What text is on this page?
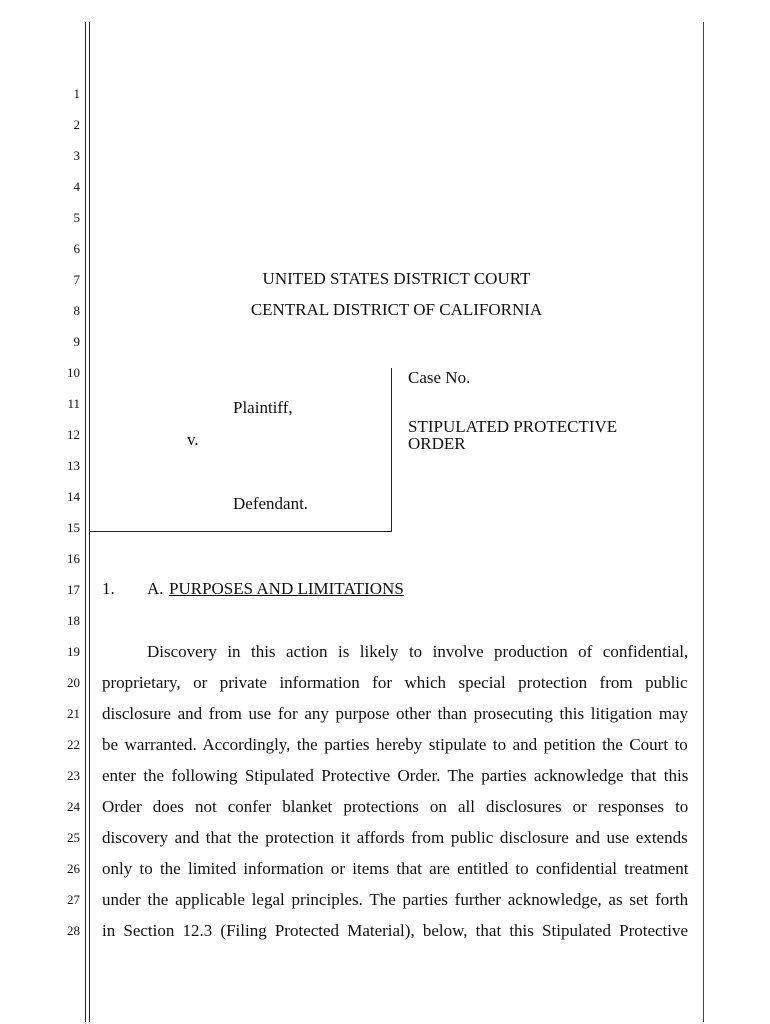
1
2
3
4
5
6
7
8
9
10
11
12
13
14
15
16
17
18
19
20
21
22
23
24
25
26
27
28
UNITED STATES DISTRICT COURT
CENTRAL DISTRICT OF CALIFORNIA
Plaintiff,
v.
Defendant.
Case No.
STIPULATED PROTECTIVE
ORDER
1. A. PURPOSES AND LIMITATIONS
Discovery in this action is likely to involve production of confidential,
proprietary, or private information for which special protection from public
disclosure and from use for any purpose other than prosecuting this litigation may
be warranted. Accordingly, the parties hereby stipulate to and petition the Court to
enter the following Stipulated Protective Order. The parties acknowledge that this
Order does not confer blanket protections on all disclosures or responses to
discovery and that the protection it affords from public disclosure and use extends
only to the limited information or items that are entitled to confidential treatment
under the applicable legal principles. The parties further acknowledge, as set forth
in Section 12.3 (Filing Protected Material), below, that this Stipulated Protective
